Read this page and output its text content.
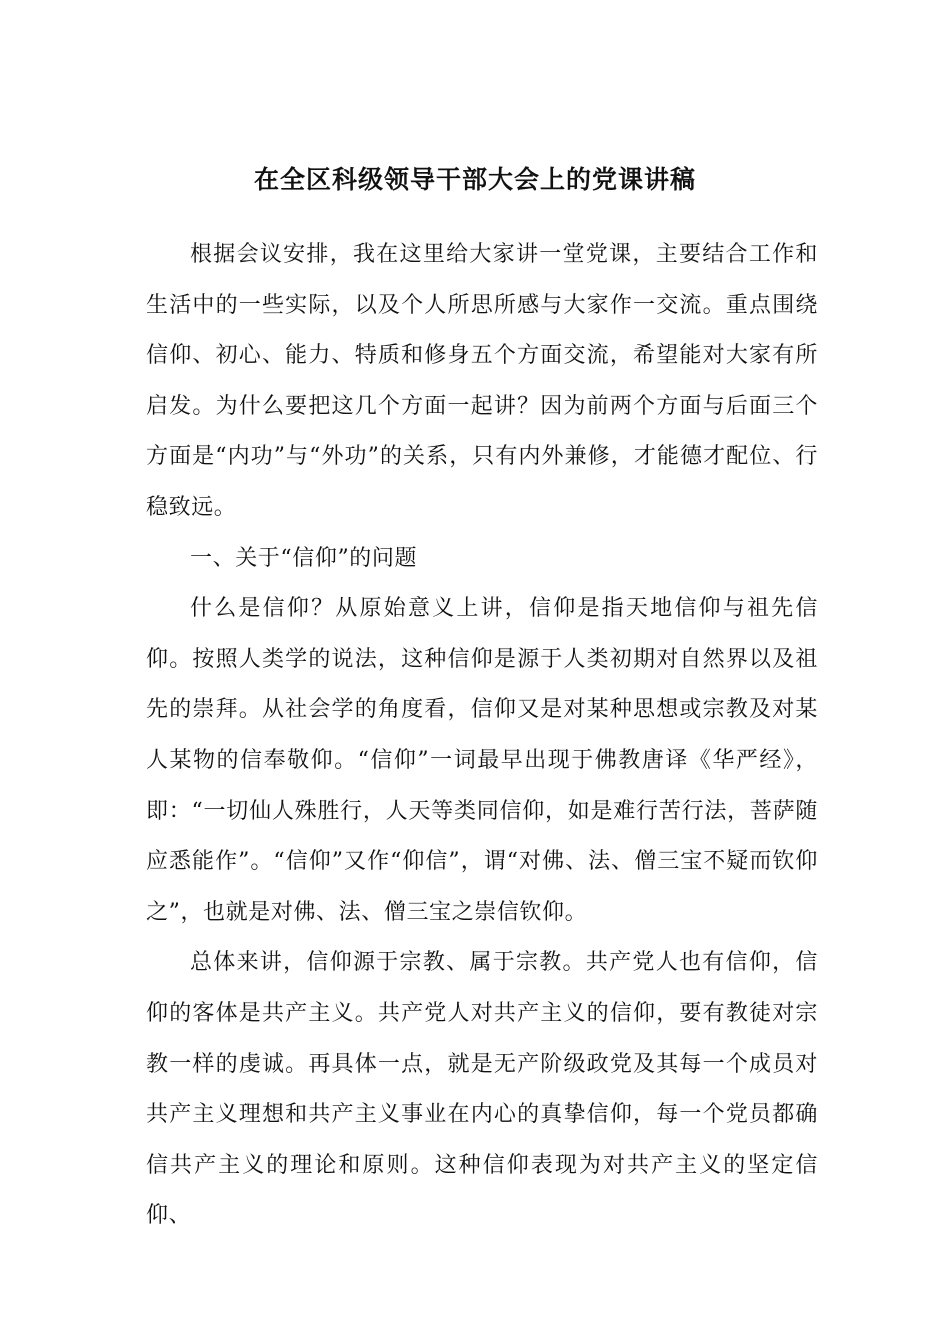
在全区科级领导干部大会上的党课讲稿

根据会议安排，我在这里给大家讲一堂党课，主要结合工作和生活中的一些实际，以及个人所思所感与大家作一交流。重点围绕信仰、初心、能力、特质和修身五个方面交流，希望能对大家有所启发。为什么要把这几个方面一起讲？因为前两个方面与后面三个方面是“内功”与“外功”的关系，只有内外兼修，才能德才配位、行稳致远。

一、关于“信仰”的问题

什么是信仰？从原始意义上讲，信仰是指天地信仰与祖先信仰。按照人类学的说法，这种信仰是源于人类初期对自然界以及祖先的崇拜。从社会学的角度看，信仰又是对某种思想或宗教及对某人某物的信奉敬仰。“信仰”一词最早出现于佛教唐译《华严经》，即：“一切仙人殊胜行，人天等类同信仰，如是难行苦行法，菩萨随应悉能作”。“信仰”又作“仰信”，谓“对佛、法、僧三宝不疑而钦仰之”，也就是对佛、法、僧三宝之崇信钦仰。

总体来讲，信仰源于宗教、属于宗教。共产党人也有信仰，信仰的客体是共产主义。共产党人对共产主义的信仰，要有教徒对宗教一样的虔诚。再具体一点，就是无产阶级政党及其每一个成员对共产主义理想和共产主义事业在内心的真挚信仰，每一个党员都确信共产主义的理论和原则。这种信仰表现为对共产主义的坚定信仰、
